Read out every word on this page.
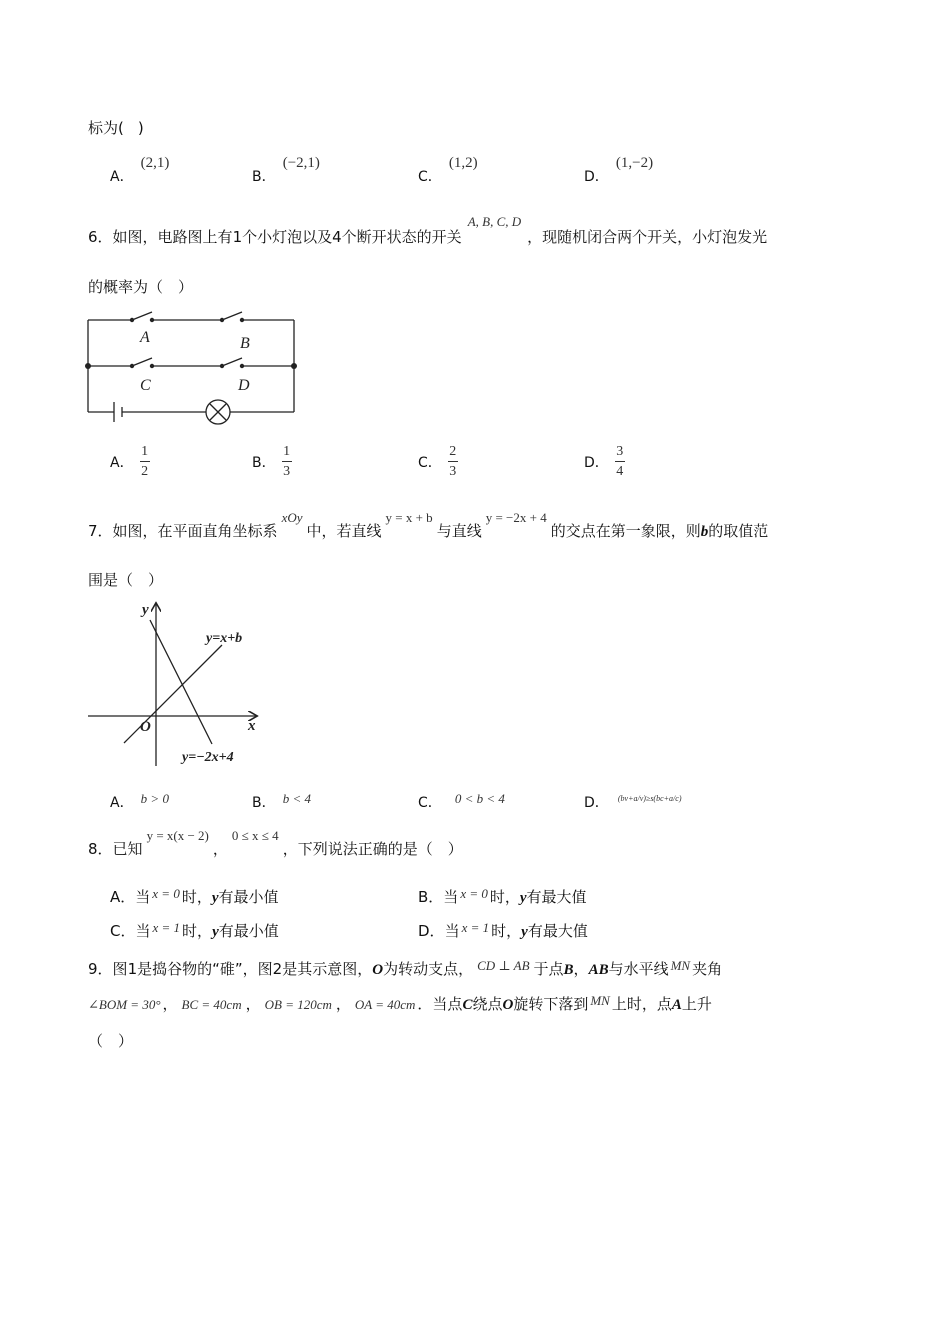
标为( )
A． (2,1)
B． (−2,1)
C． (1,2)
D． (1,−2)
6．如图，电路图上有1个小灯泡以及4个断开状态的开关A, B, C, D，现随机闭合两个开关，小灯泡发光
的概率为（　）
A	B
C	D
A． $\frac{1}{2}$	B． $\frac{1}{3}$	C． $\frac{2}{3}$	D． $\frac{3}{4}$
7．如图，在平面直角坐标系xOy中，若直线y = x + b与直线y = −2x + 4的交点在第一象限，则b的取值范
围是（　）
y
x
O
y=x+b
y=−2x+4
A． b > 0	B． b < 4	C． 0 < b < 4	D． (bv+a/v)≥s(bc+a/c)
8．已知y = x(x − 2)，0 ≤ x ≤ 4，下列说法正确的是（　）
A．当 x = 0 时，y有最小值	B．当 x = 0 时，y有最大值
C．当 x = 1 时，y有最小值	D．当 x = 1 时，y有最大值
9．图1是捣谷物的“碓”，图2是其示意图，O为转动支点， CD ⊥ AB 于点B，AB与水平线 MN 夹角
∠BOM = 30° ， BC = 40cm ， OB = 120cm ， OA = 40cm ．当点C绕点O旋转下落到 MN 上时，点A上升
（　）
